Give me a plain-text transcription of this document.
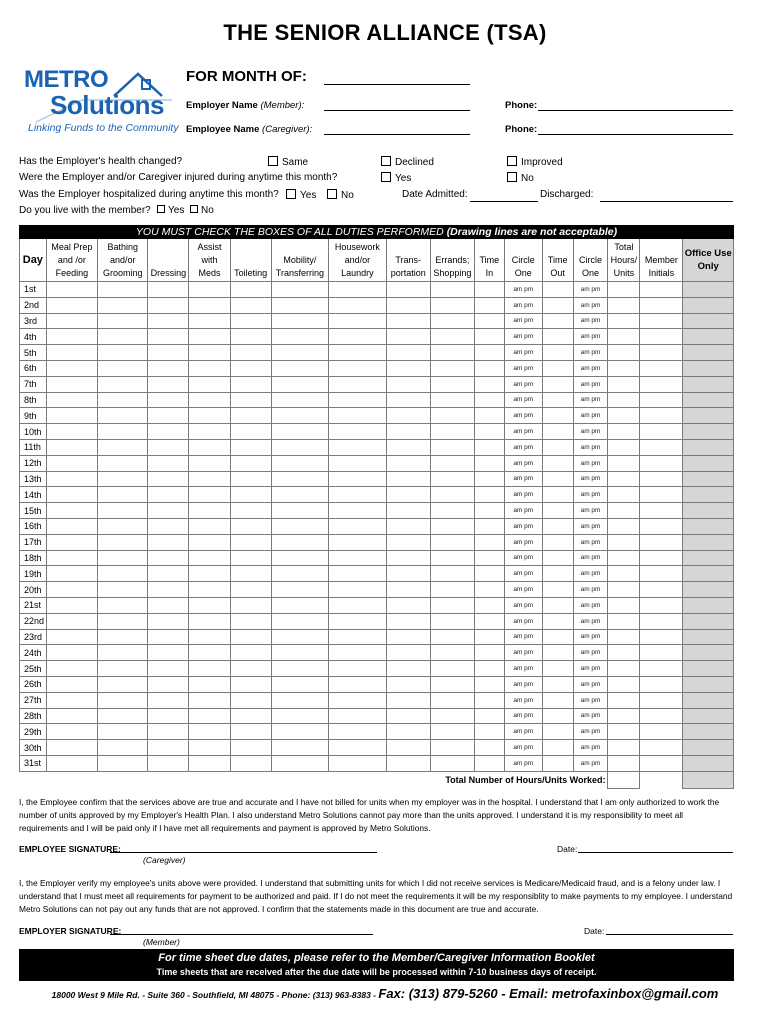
THE SENIOR ALLIANCE (TSA)
METRO
Solutions
Linking Funds to the Community
FOR MONTH OF:
Employer Name (Member):	Phone:
Employee Name (Caregiver):	Phone:
Has the Employer's health changed?	Same	Declined	Improved
Were the Employer and/or Caregiver injured during anytime this month?	Yes	No
Was the Employer hospitalized during anytime this month?	Yes	No	Date Admitted:	Discharged:
Do you live with the member?	Yes	No
YOU MUST CHECK THE BOXES OF ALL DUTIES PERFORMED (Drawing lines are not acceptable)																
Day	Meal Prep and /or Feeding	Bathing and/or Grooming	Dressing	Assist with Meds	Toileting	Mobility/ Transferring	Housework and/or Laundry	Trans- portation	Errands; Shopping	Time In	Circle One	Time Out	Circle One	Total Hours/ Units	Member Initials	Office Use Only
1st											am pm		am pm			
2nd											am pm		am pm			
3rd											am pm		am pm			
4th											am pm		am pm			
5th											am pm		am pm			
6th											am pm		am pm			
7th											am pm		am pm			
8th											am pm		am pm			
9th											am pm		am pm			
10th											am pm		am pm			
11th											am pm		am pm			
12th											am pm		am pm			
13th											am pm		am pm			
14th											am pm		am pm			
15th											am pm		am pm			
16th											am pm		am pm			
17th											am pm		am pm			
18th											am pm		am pm			
19th											am pm		am pm			
20th											am pm		am pm			
21st											am pm		am pm			
22nd											am pm		am pm			
23rd											am pm		am pm			
24th											am pm		am pm			
25th											am pm		am pm			
26th											am pm		am pm			
27th											am pm		am pm			
28th											am pm		am pm			
29th											am pm		am pm			
30th											am pm		am pm			
31st											am pm		am pm			
Total Number of Hours/Units Worked:																
I, the Employee confirm that the services above are true and accurate and I have not billed for units when my employer was in the hospital. I understand that I am only authorized to work the number of units approved by my Employer's Health Plan. I also understand Metro Solutions cannot pay more than the units approved. I understand it is my responsibility to meet all requirements and I will be paid only if I have met all requirements and payment is approved by Metro Solutions.
EMPLOYEE SIGNATURE:
(Caregiver)
Date:
I, the Employer verify my employee's units above were provided. I understand that submitting units for which I did not receive services is Medicare/Medicaid fraud, and is a felony under law. I understand that I must meet all requirements for payment to be authorized and paid. If I do not meet the requirements it will be my responsiblity to make payments to my employee. I understand Metro Solutions can not pay out any funds that are not approved. I confirm that the statements made in this document are true and accurate.
EMPLOYER SIGNATURE:
(Member)
Date:
For time sheet due dates, please refer to the Member/Caregiver Information Booklet
Time sheets that are received after the due date will be processed within 7-10 business days of receipt.
18000 West 9 Mile Rd. - Suite 360 - Southfield, MI 48075 - Phone: (313) 963-8383 - Fax: (313) 879-5260 - Email: metrofaxinbox@gmail.com
